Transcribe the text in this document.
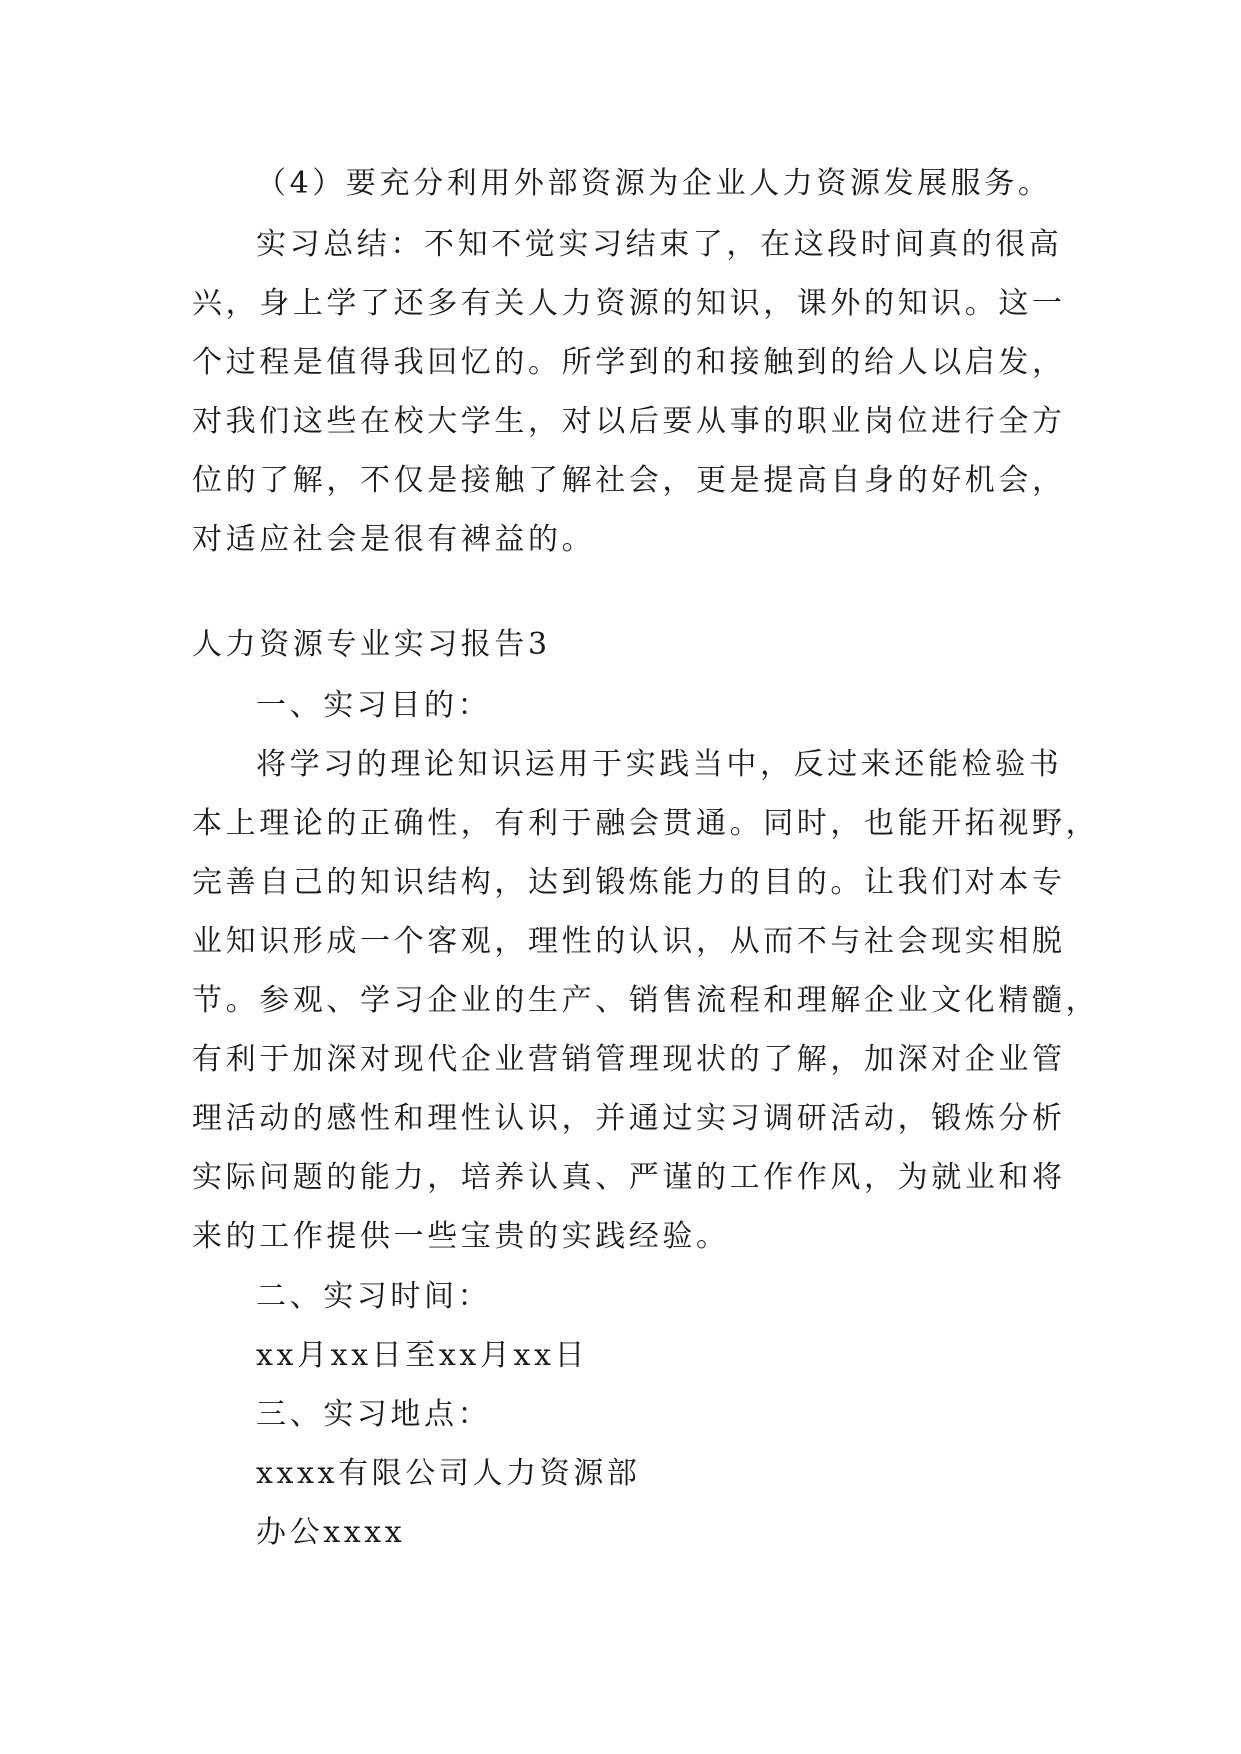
（4）要充分利用外部资源为企业人力资源发展服务。
实习总结：不知不觉实习结束了，在这段时间真的很高
兴，身上学了还多有关人力资源的知识，课外的知识。这一
个过程是值得我回忆的。所学到的和接触到的给人以启发，
对我们这些在校大学生，对以后要从事的职业岗位进行全方
位的了解，不仅是接触了解社会，更是提高自身的好机会，
对适应社会是很有裨益的。
人力资源专业实习报告3
一、实习目的：
将学习的理论知识运用于实践当中，反过来还能检验书
本上理论的正确性，有利于融会贯通。同时，也能开拓视野，
完善自己的知识结构，达到锻炼能力的目的。让我们对本专
业知识形成一个客观，理性的认识，从而不与社会现实相脱
节。参观、学习企业的生产、销售流程和理解企业文化精髓，
有利于加深对现代企业营销管理现状的了解，加深对企业管
理活动的感性和理性认识，并通过实习调研活动，锻炼分析
实际问题的能力，培养认真、严谨的工作作风，为就业和将
来的工作提供一些宝贵的实践经验。
二、实习时间：
xx月xx日至xx月xx日
三、实习地点：
xxxx有限公司人力资源部
办公xxxx
